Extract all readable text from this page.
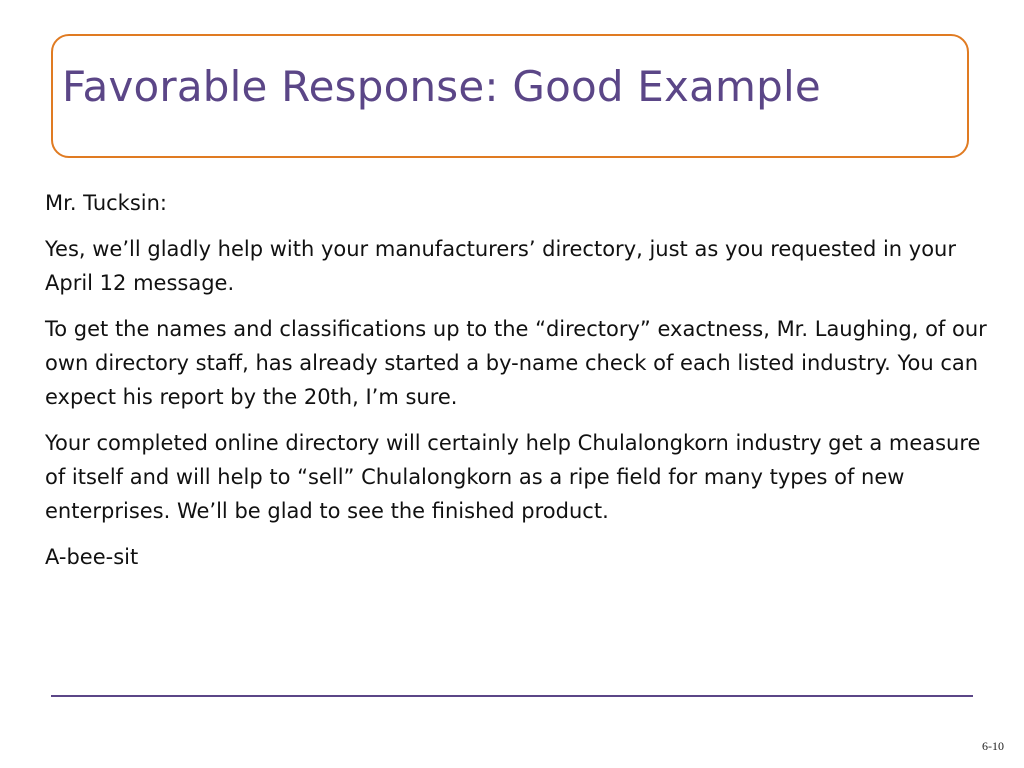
Favorable Response: Good Example

Mr. Tucksin:

Yes, we’ll gladly help with your manufacturers’ directory, just as you requested in your April 12 message.

To get the names and classifications up to the “directory” exactness, Mr. Laughing, of our own directory staff, has already started a by-name check of each listed industry. You can expect his report by the 20th, I’m sure.

Your completed online directory will certainly help Chulalongkorn industry get a measure of itself and will help to “sell” Chulalongkorn as a ripe field for many types of new enterprises. We’ll be glad to see the finished product.

A-bee-sit

6-10
